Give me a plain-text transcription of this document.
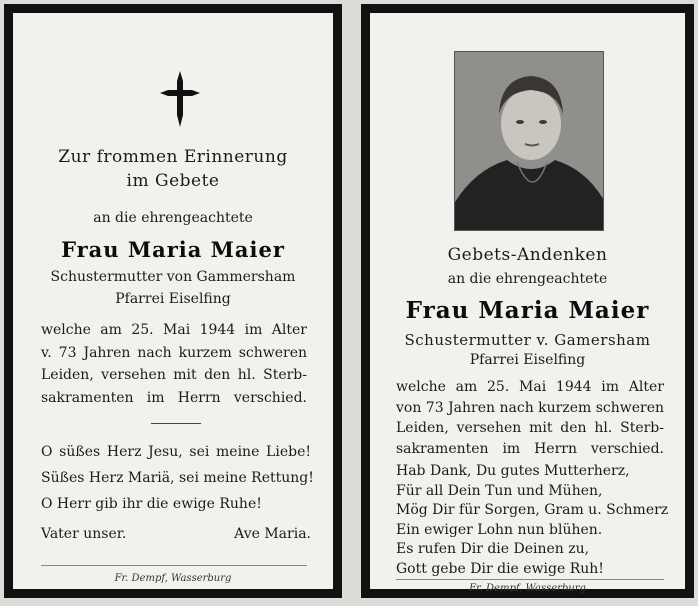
Zur frommen Erinnerung
im Gebete
an die ehrengeachtete
Frau Maria Maier
Schustermutter von Gammersham
Pfarrei Eiselfing
welche am 25. Mai 1944 im Alter
v. 73 Jahren nach kurzem schweren
Leiden, versehen mit den hl. Sterb-
sakramenten im Herrn verschied.
O süßes Herz Jesu, sei meine Liebe!
Süßes Herz Mariä, sei meine Rettung!
O Herr gib ihr die ewige Ruhe!
Vater unser.	Ave Maria.
Fr. Dempf, Wasserburg
Gebets-Andenken
an die ehrengeachtete
Frau Maria Maier
Schustermutter v. Gamersham
Pfarrei Eiselfing
welche am 25. Mai 1944 im Alter
von 73 Jahren nach kurzem schweren
Leiden, versehen mit den hl. Sterb-
sakramenten im Herrn verschied.
Hab Dank, Du gutes Mutterherz,
Für all Dein Tun und Mühen,
Mög Dir für Sorgen, Gram u. Schmerz
Ein ewiger Lohn nun blühen.
Es rufen Dir die Deinen zu,
Gott gebe Dir die ewige Ruh!
Fr. Dempf, Wasserburg
